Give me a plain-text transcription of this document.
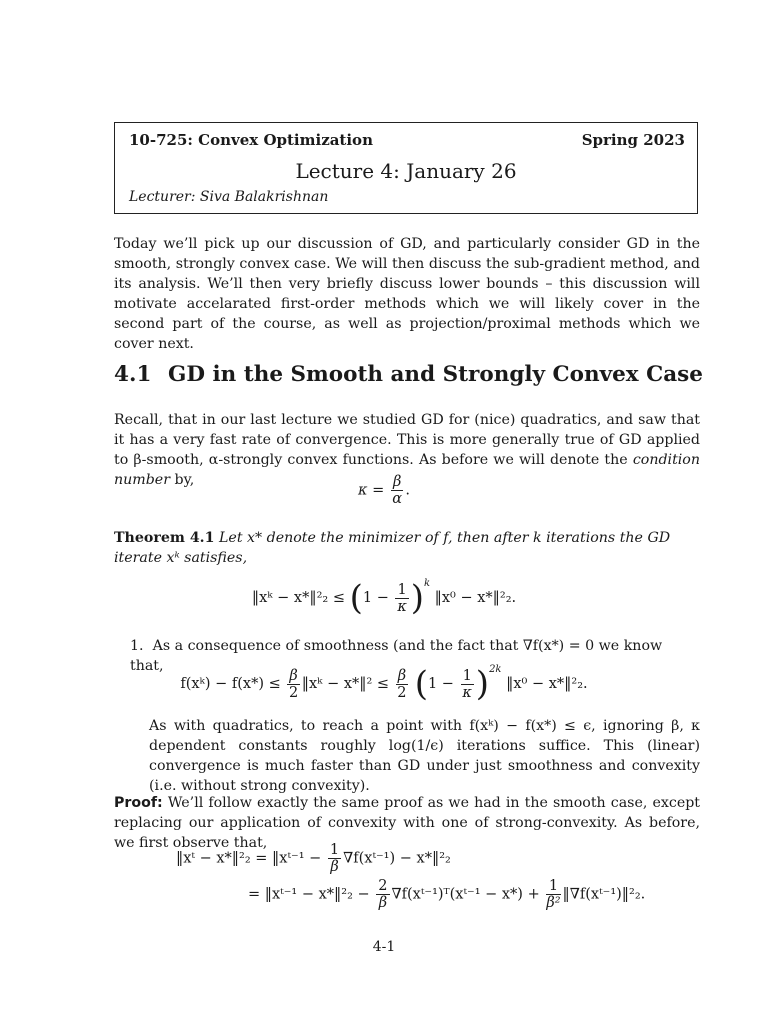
10-725: Convex Optimization	Spring 2023
Lecture 4: January 26
Lecturer: Siva Balakrishnan
Today we’ll pick up our discussion of GD, and particularly consider GD in the smooth, strongly convex case. We will then discuss the sub-gradient method, and its analysis. We’ll then very briefly discuss lower bounds – this discussion will motivate accelarated first-order methods which we will likely cover in the second part of the course, as well as projection/proximal methods which we cover next.
4.1 GD in the Smooth and Strongly Convex Case
Recall, that in our last lecture we studied GD for (nice) quadratics, and saw that it has a very fast rate of convergence. This is more generally true of GD applied to β-smooth, α-strongly convex functions. As before we will denote the condition number by,
$\kappa = \frac{\beta}{\alpha}$ .
Theorem 4.1 Let x* denote the minimizer of f, then after k iterations the GD iterate xᵏ satisfies,
‖xᵏ − x*‖²₂ ≤ $(1 - \frac{1}{\kappa} )^k$ ‖x⁰ − x*‖²₂.
1. As a consequence of smoothness (and the fact that ∇f(x*) = 0 we know that,
f(xᵏ) − $f(x*) \le \frac{\beta}{2}$ ‖xᵏ − x*‖² ≤ $\frac{\beta}{2} (1 - \frac{1}{\kappa} )^{2k}$ ‖x⁰ − x*‖²₂.
As with quadratics, to reach a point with f(xᵏ) − f(x*) ≤ ϵ, ignoring β, κ dependent constants roughly log(1/ϵ) iterations suffice. This (linear) convergence is much faster than GD under just smoothness and convexity (i.e. without strong convexity).
Proof: We’ll follow exactly the same proof as we had in the smooth case, except replacing our application of convexity with one of strong-convexity. As before, we first observe that,
‖xᵗ − x*‖²₂ = ‖xᵗ⁻¹ − $\frac{1}{\beta}$ ∇f(xᵗ⁻¹) − x*‖²₂
= ‖xᵗ⁻¹ − x*‖²₂ − $\frac{2}{\beta}$ ∇f(xᵗ⁻¹)ᵀ(xᵗ⁻¹ − $x*) + \frac{1}{\text{β²}}$ ‖∇f(xᵗ⁻¹)‖²₂.
4-1
